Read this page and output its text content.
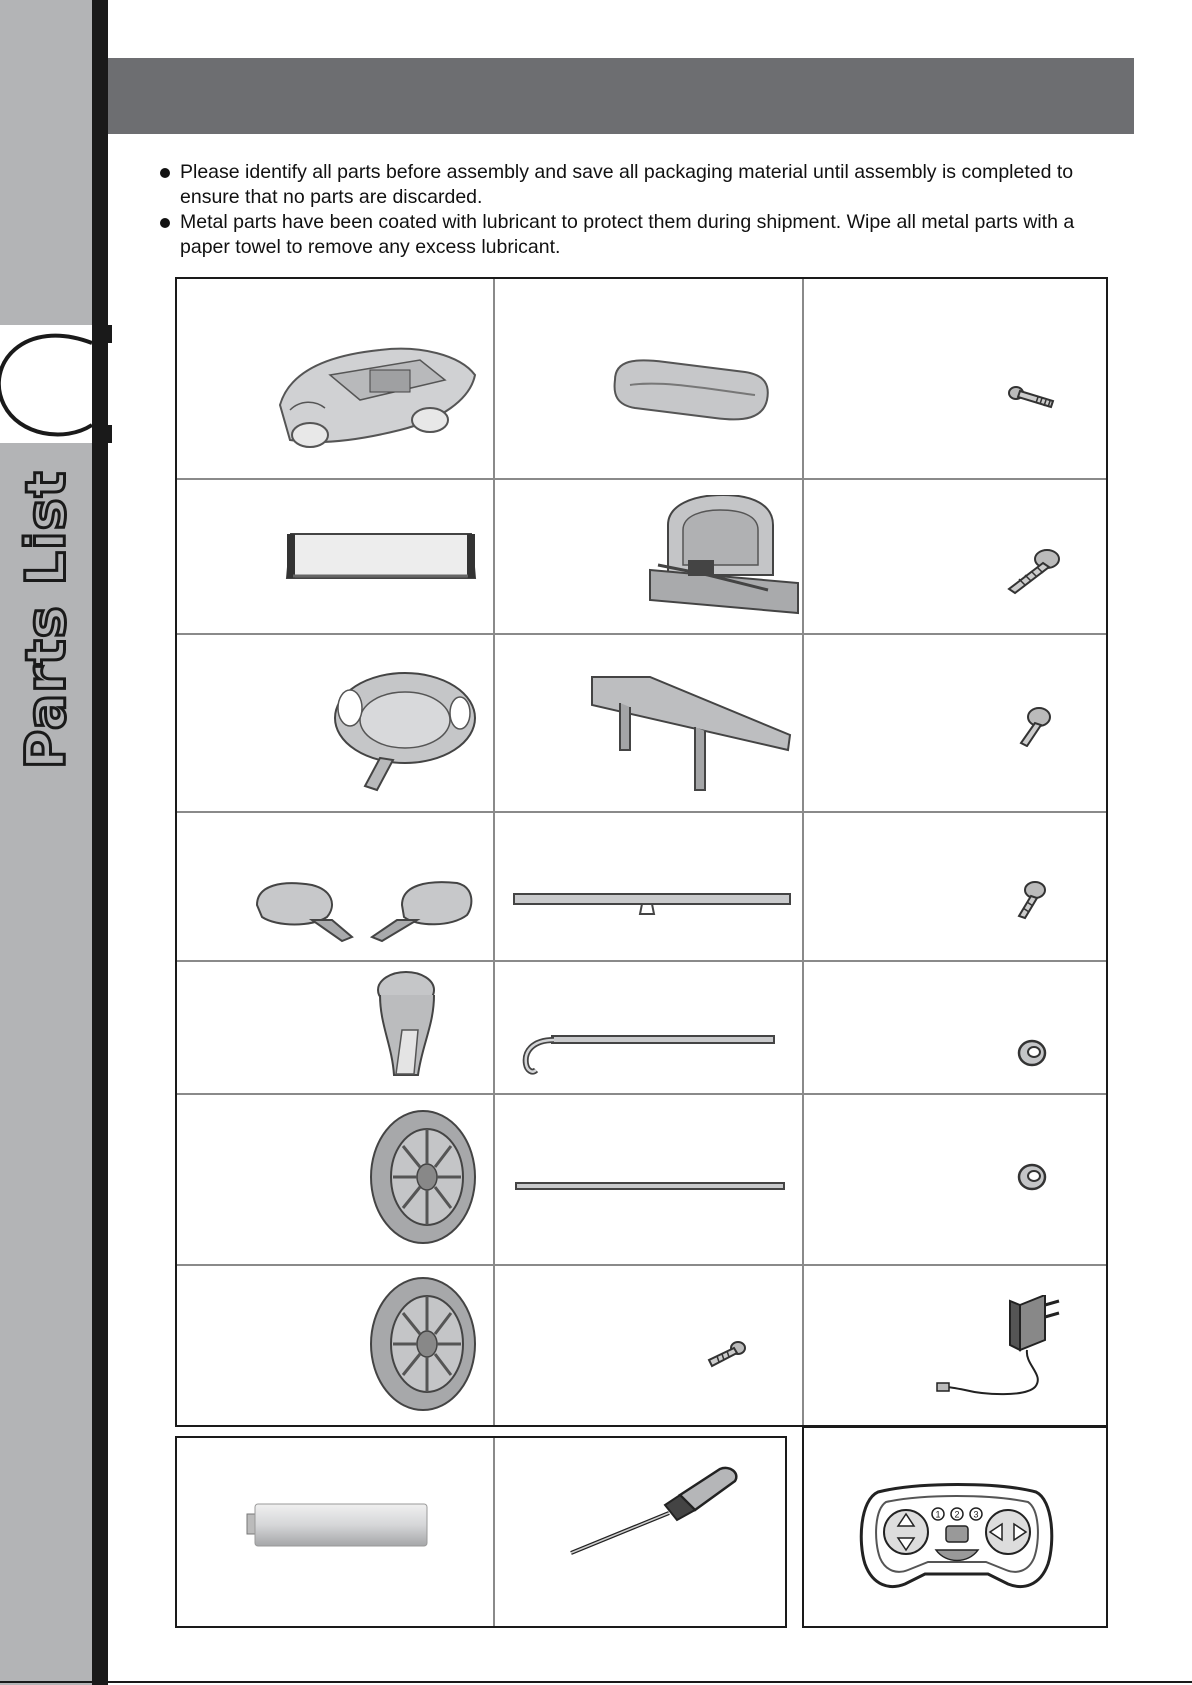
Parts List
Please identify all parts before assembly and save all packaging material until assembly is completed to ensure that no parts are discarded.
Metal parts have been coated with lubricant to protect them during shipment. Wipe all metal parts with a paper towel to remove any excess lubricant.
1 2 3
